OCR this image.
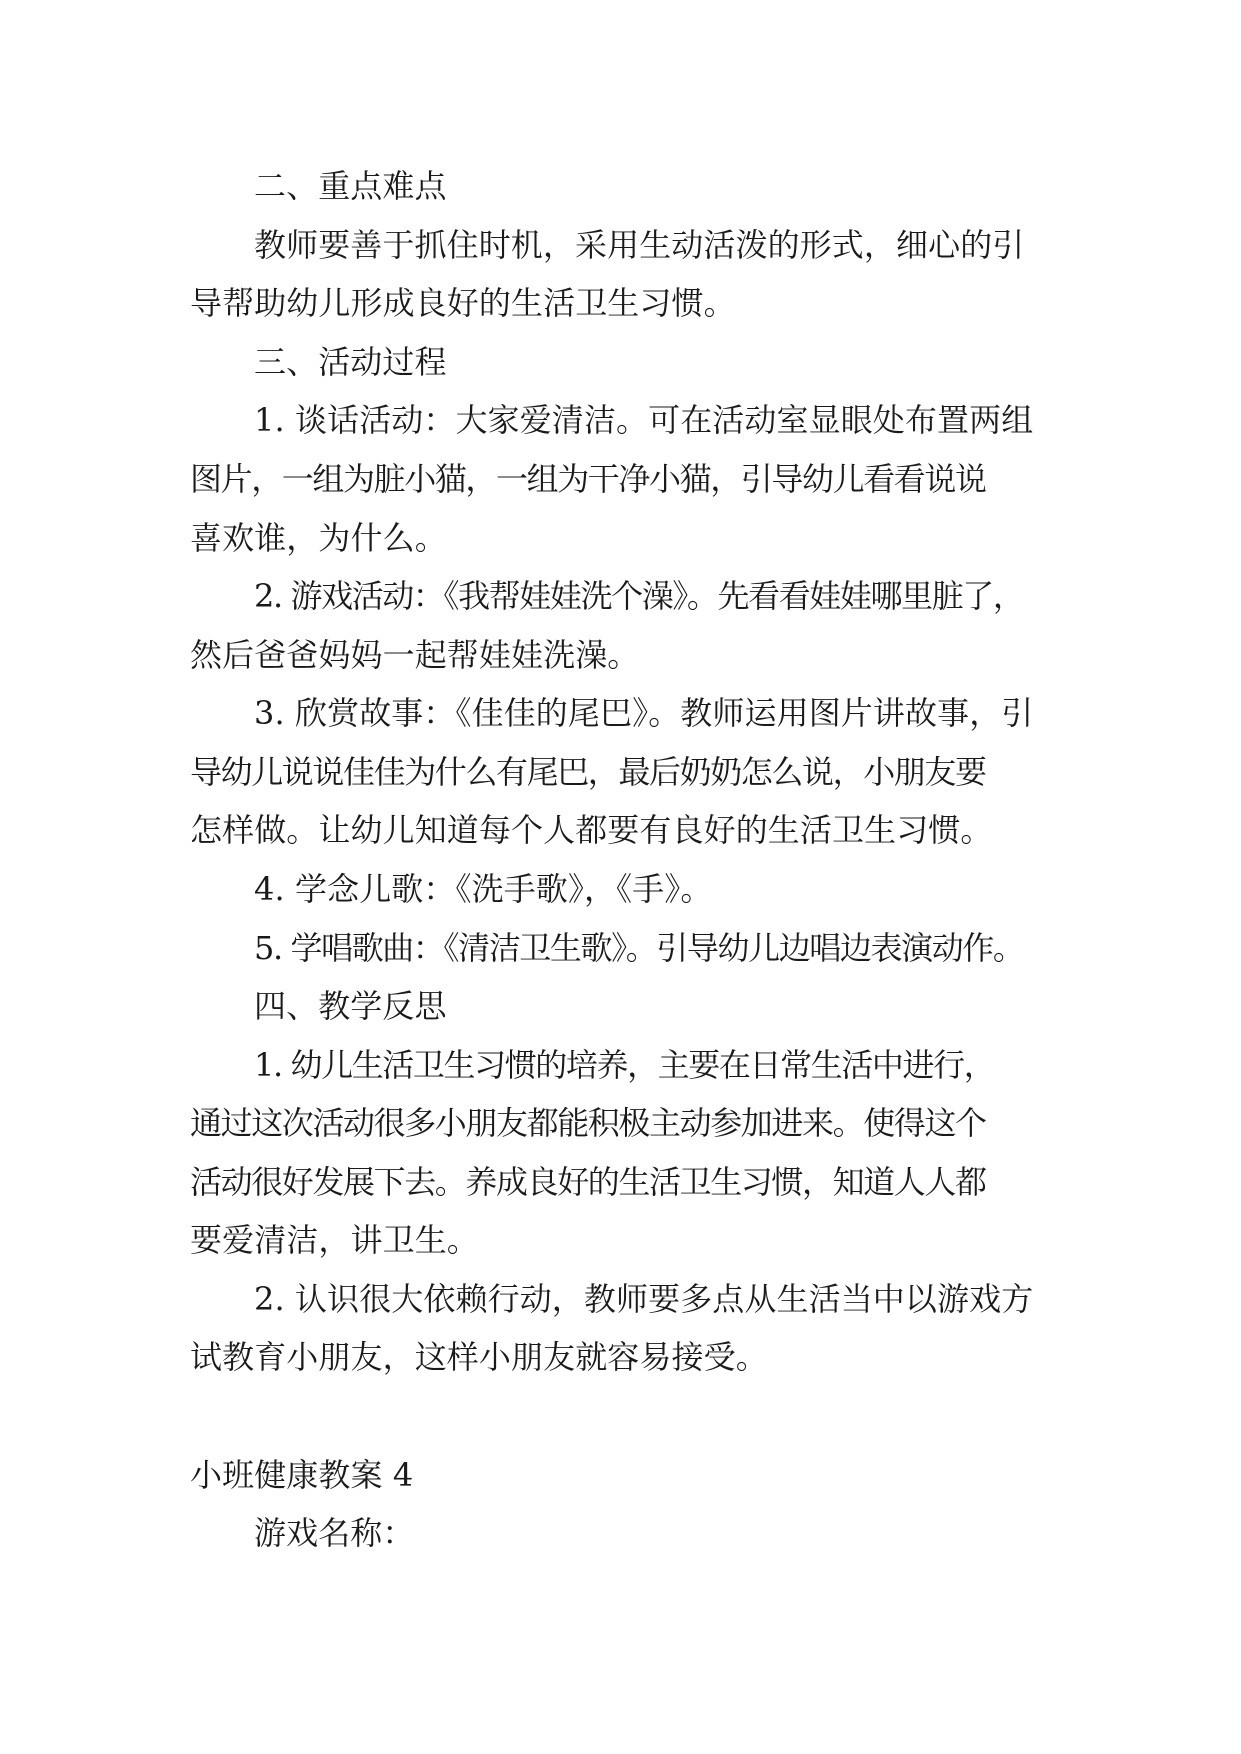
二、重点难点
教师要善于抓住时机，采用生动活泼的形式，细心的引
导帮助幼儿形成良好的生活卫生习惯。
三、活动过程
1. 谈话活动：大家爱清洁。可在活动室显眼处布置两组
图片，一组为脏小猫，一组为干净小猫，引导幼儿看看说说
喜欢谁，为什么。
2. 游戏活动：《我帮娃娃洗个澡》。先看看娃娃哪里脏了，
然后爸爸妈妈一起帮娃娃洗澡。
3. 欣赏故事：《佳佳的尾巴》。教师运用图片讲故事，引
导幼儿说说佳佳为什么有尾巴，最后奶奶怎么说，小朋友要
怎样做。让幼儿知道每个人都要有良好的生活卫生习惯。
4. 学念儿歌：《洗手歌》，《手》。
5. 学唱歌曲：《清洁卫生歌》。引导幼儿边唱边表演动作。
四、教学反思
1. 幼儿生活卫生习惯的培养，主要在日常生活中进行，
通过这次活动很多小朋友都能积极主动参加进来。使得这个
活动很好发展下去。养成良好的生活卫生习惯，知道人人都
要爱清洁，讲卫生。
2. 认识很大依赖行动，教师要多点从生活当中以游戏方
试教育小朋友，这样小朋友就容易接受。
小班健康教案 4
游戏名称：
